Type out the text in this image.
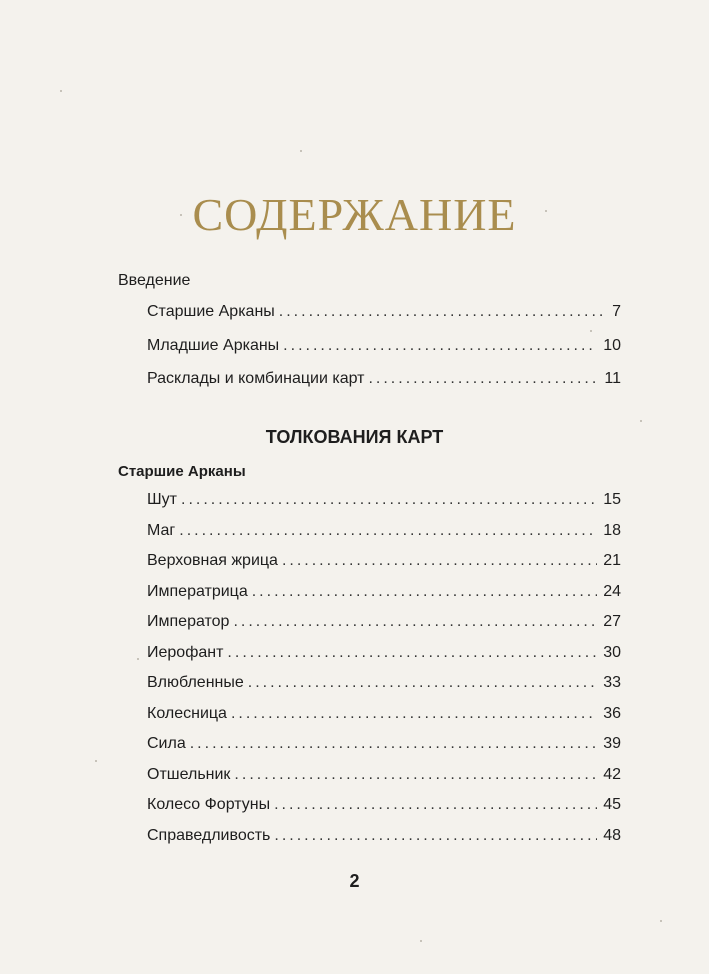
СОДЕРЖАНИЕ
Введение
Старшие Арканы .....	7
Младшие Арканы .....	10
Расклады и комбинации карт .....	11
ТОЛКОВАНИЯ КАРТ
Старшие Арканы
Шут .....	15
Маг .....	18
Верховная жрица .....	21
Императрица .....	24
Император .....	27
Иерофант .....	30
Влюбленные .....	33
Колесница .....	36
Сила .....	39
Отшельник .....	42
Колесо Фортуны .....	45
Справедливость .....	48
2
